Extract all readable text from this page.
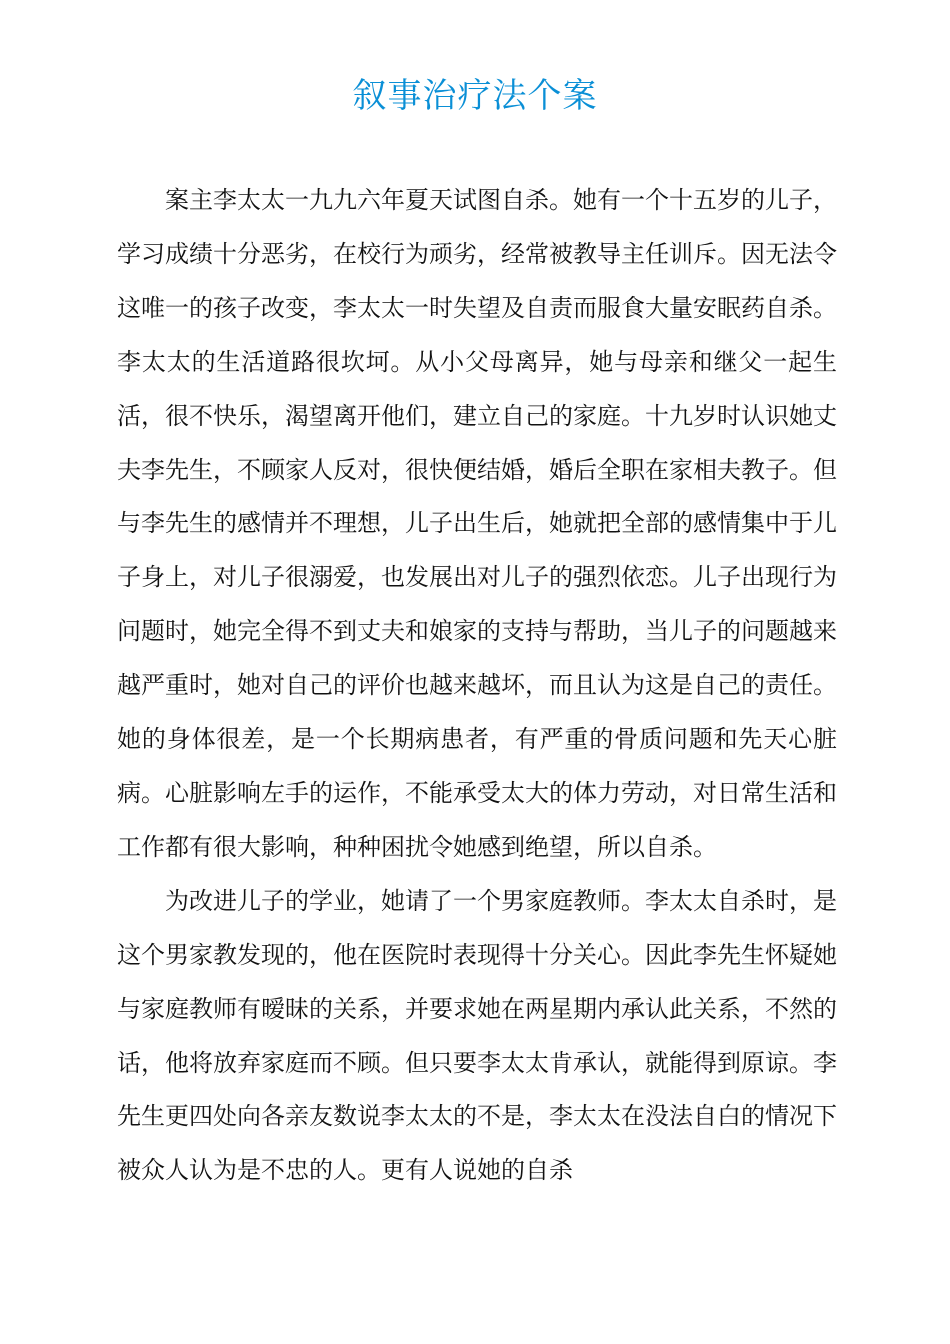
叙事治疗法个案

案主李太太一九九六年夏天试图自杀。她有一个十五岁的儿子，学习成绩十分恶劣，在校行为顽劣，经常被教导主任训斥。因无法令这唯一的孩子改变，李太太一时失望及自责而服食大量安眠药自杀。李太太的生活道路很坎坷。从小父母离异，她与母亲和继父一起生活，很不快乐，渴望离开他们，建立自己的家庭。十九岁时认识她丈夫李先生，不顾家人反对，很快便结婚，婚后全职在家相夫教子。但与李先生的感情并不理想，儿子出生后，她就把全部的感情集中于儿子身上，对儿子很溺爱，也发展出对儿子的强烈依恋。儿子出现行为问题时，她完全得不到丈夫和娘家的支持与帮助，当儿子的问题越来越严重时，她对自己的评价也越来越坏，而且认为这是自己的责任。她的身体很差，是一个长期病患者，有严重的骨质问题和先天心脏病。心脏影响左手的运作，不能承受太大的体力劳动，对日常生活和工作都有很大影响，种种困扰令她感到绝望，所以自杀。

为改进儿子的学业，她请了一个男家庭教师。李太太自杀时，是这个男家教发现的，他在医院时表现得十分关心。因此李先生怀疑她与家庭教师有暧昧的关系，并要求她在两星期内承认此关系，不然的话，他将放弃家庭而不顾。但只要李太太肯承认，就能得到原谅。李先生更四处向各亲友数说李太太的不是，李太太在没法自白的情况下被众人认为是不忠的人。更有人说她的自杀
